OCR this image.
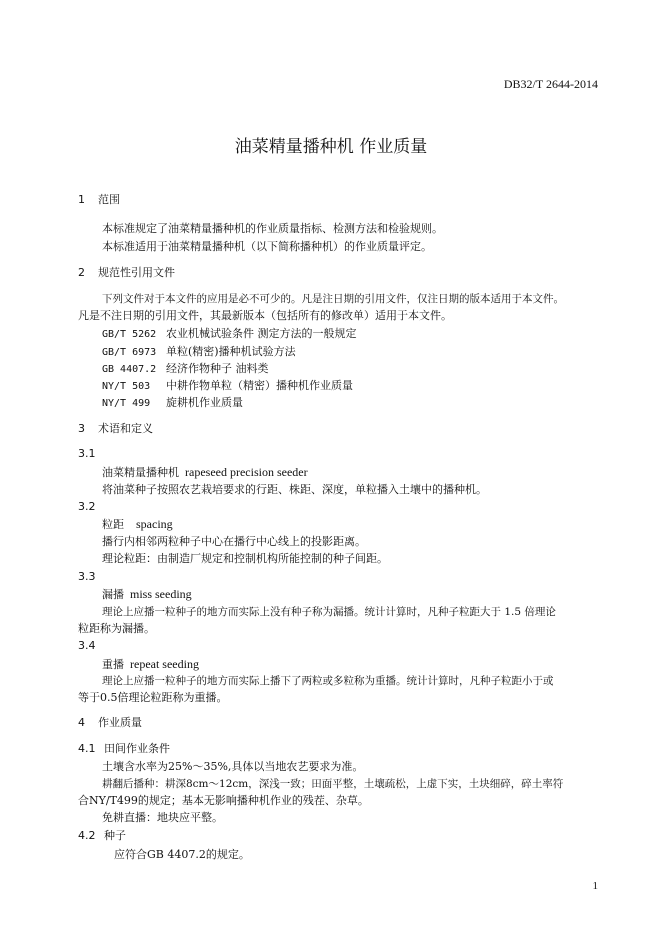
DB32/T 2644-2014
油菜精量播种机 作业质量
1 范围
本标准规定了油菜精量播种机的作业质量指标、检测方法和检验规则。
本标准适用于油菜精量播种机（以下简称播种机）的作业质量评定。
2 规范性引用文件
下列文件对于本文件的应用是必不可少的。凡是注日期的引用文件，仅注日期的版本适用于本文件。
凡是不注日期的引用文件，其最新版本（包括所有的修改单）适用于本文件。
GB/T 5262 农业机械试验条件 测定方法的一般规定
GB/T 6973 单粒(精密)播种机试验方法
GB 4407.2 经济作物种子 油料类
NY/T 503 中耕作物单粒（精密）播种机作业质量
NY/T 499 旋耕机作业质量
3 术语和定义
3.1
油菜精量播种机 rapeseed precision seeder
将油菜种子按照农艺栽培要求的行距、株距、深度，单粒播入土壤中的播种机。
3.2
粒距 spacing
播行内相邻两粒种子中心在播行中心线上的投影距离。
理论粒距：由制造厂规定和控制机构所能控制的种子间距。
3.3
漏播 miss seeding
理论上应播一粒种子的地方而实际上没有种子称为漏播。统计计算时，凡种子粒距大于 1.5 倍理论
粒距称为漏播。
3.4
重播 repeat seeding
理论上应播一粒种子的地方而实际上播下了两粒或多粒称为重播。统计计算时，凡种子粒距小于或
等于0.5倍理论粒距称为重播。
4 作业质量
4.1 田间作业条件
土壤含水率为25%～35%,具体以当地农艺要求为准。
耕翻后播种：耕深8cm～12cm，深浅一致；田面平整，土壤疏松，上虚下实，土块细碎，碎土率符
合NY/T499的规定；基本无影响播种机作业的残茬、杂草。
免耕直播：地块应平整。
4.2 种子
应符合GB 4407.2的规定。
1
